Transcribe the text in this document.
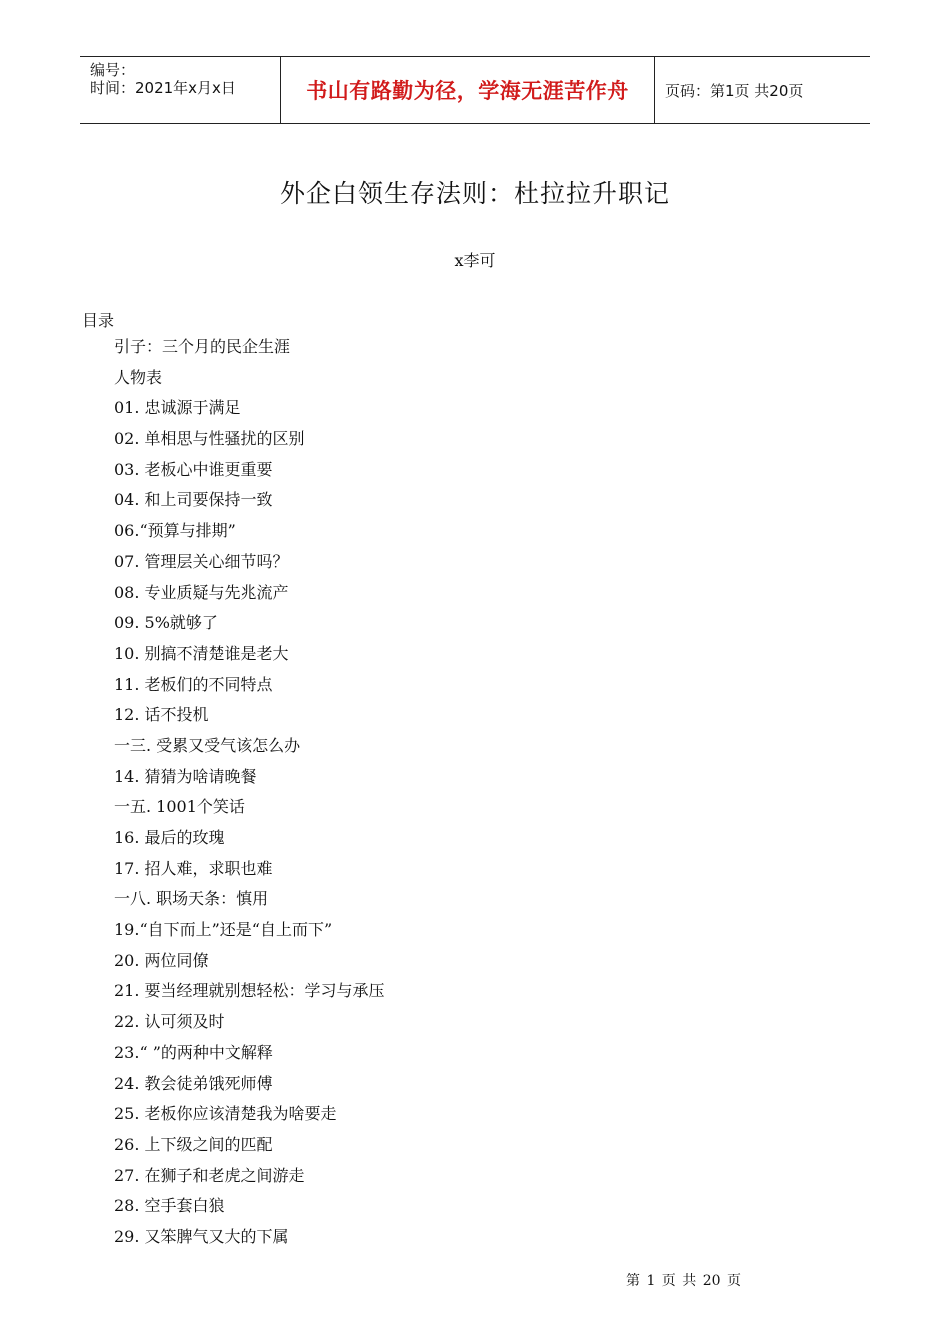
编号：
时间：2021年x月x日	书山有路勤为径，学海无涯苦作舟	页码：第1页 共20页
外企白领生存法则：杜拉拉升职记
x李可
目录
引子：三个月的民企生涯
人物表
01. 忠诚源于满足
02. 单相思与性骚扰的区别
03. 老板心中谁更重要
04. 和上司要保持一致
06.“预算与排期”
07. 管理层关心细节吗？
08. 专业质疑与先兆流产
09. 5%就够了
10. 别搞不清楚谁是老大
11. 老板们的不同特点
12. 话不投机
一三. 受累又受气该怎么办
14. 猜猜为啥请晚餐
一五. 1001个笑话
16. 最后的玫瑰
17. 招人难，求职也难
一八. 职场天条：慎用
19.“自下而上”还是“自上而下”
20. 两位同僚
21. 要当经理就别想轻松：学习与承压
22. 认可须及时
23.“ ”的两种中文解释
24. 教会徒弟饿死师傅
25. 老板你应该清楚我为啥要走
26. 上下级之间的匹配
27. 在狮子和老虎之间游走
28. 空手套白狼
29. 又笨脾气又大的下属
第 1 页 共 20 页
